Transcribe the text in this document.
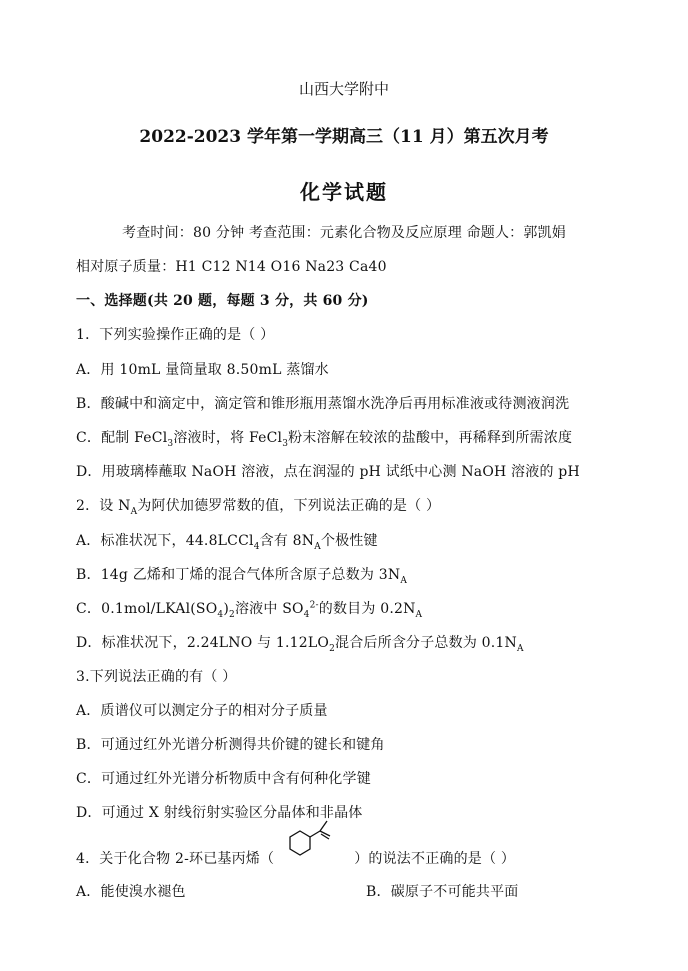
山西大学附中
2022-2023 学年第一学期高三（11 月）第五次月考
化学试题
考查时间：80 分钟 考查范围：元素化合物及反应原理 命题人：郭凯娟
相对原子质量：H1 C12 N14 O16 Na23 Ca40
一、选择题(共 20 题，每题 3 分，共 60 分)
1．下列实验操作正确的是（ ）
A．用 10mL 量筒量取 8.50mL 蒸馏水
B．酸碱中和滴定中，滴定管和锥形瓶用蒸馏水洗净后再用标准液或待测液润洗
C．配制 FeCl$_3$溶液时，将 FeCl$_3$粉末溶解在较浓的盐酸中，再稀释到所需浓度
D．用玻璃棒蘸取 NaOH 溶液，点在润湿的 pH 试纸中心测 NaOH 溶液的 pH
2．设 $N_A$为阿伏加德罗常数的值，下列说法正确的是（ ）
A．标准状况下，44.8LCCl$_4$含有 $8N_A$个极性键
B．14g 乙烯和丁烯的混合气体所含原子总数为 $3N_A$
C．$0.1mol/LKAl(SO_4)_2$溶液中 $SO_4^{2-}$的数目为 $0.2N_A$
D．标准状况下，2.24LNO 与 $1.12LO_2$混合后所含分子总数为 $0.1N_A$
3.下列说法正确的有（ ）
A．质谱仪可以测定分子的相对分子质量
B．可通过红外光谱分析测得共价键的键长和键角
C．可通过红外光谱分析物质中含有何种化学键
D．可通过 X 射线衍射实验区分晶体和非晶体
4．关于化合物 2-环已基丙烯（	）的说法不正确的是（ ）
A．能使溴水褪色	B．碳原子不可能共平面
